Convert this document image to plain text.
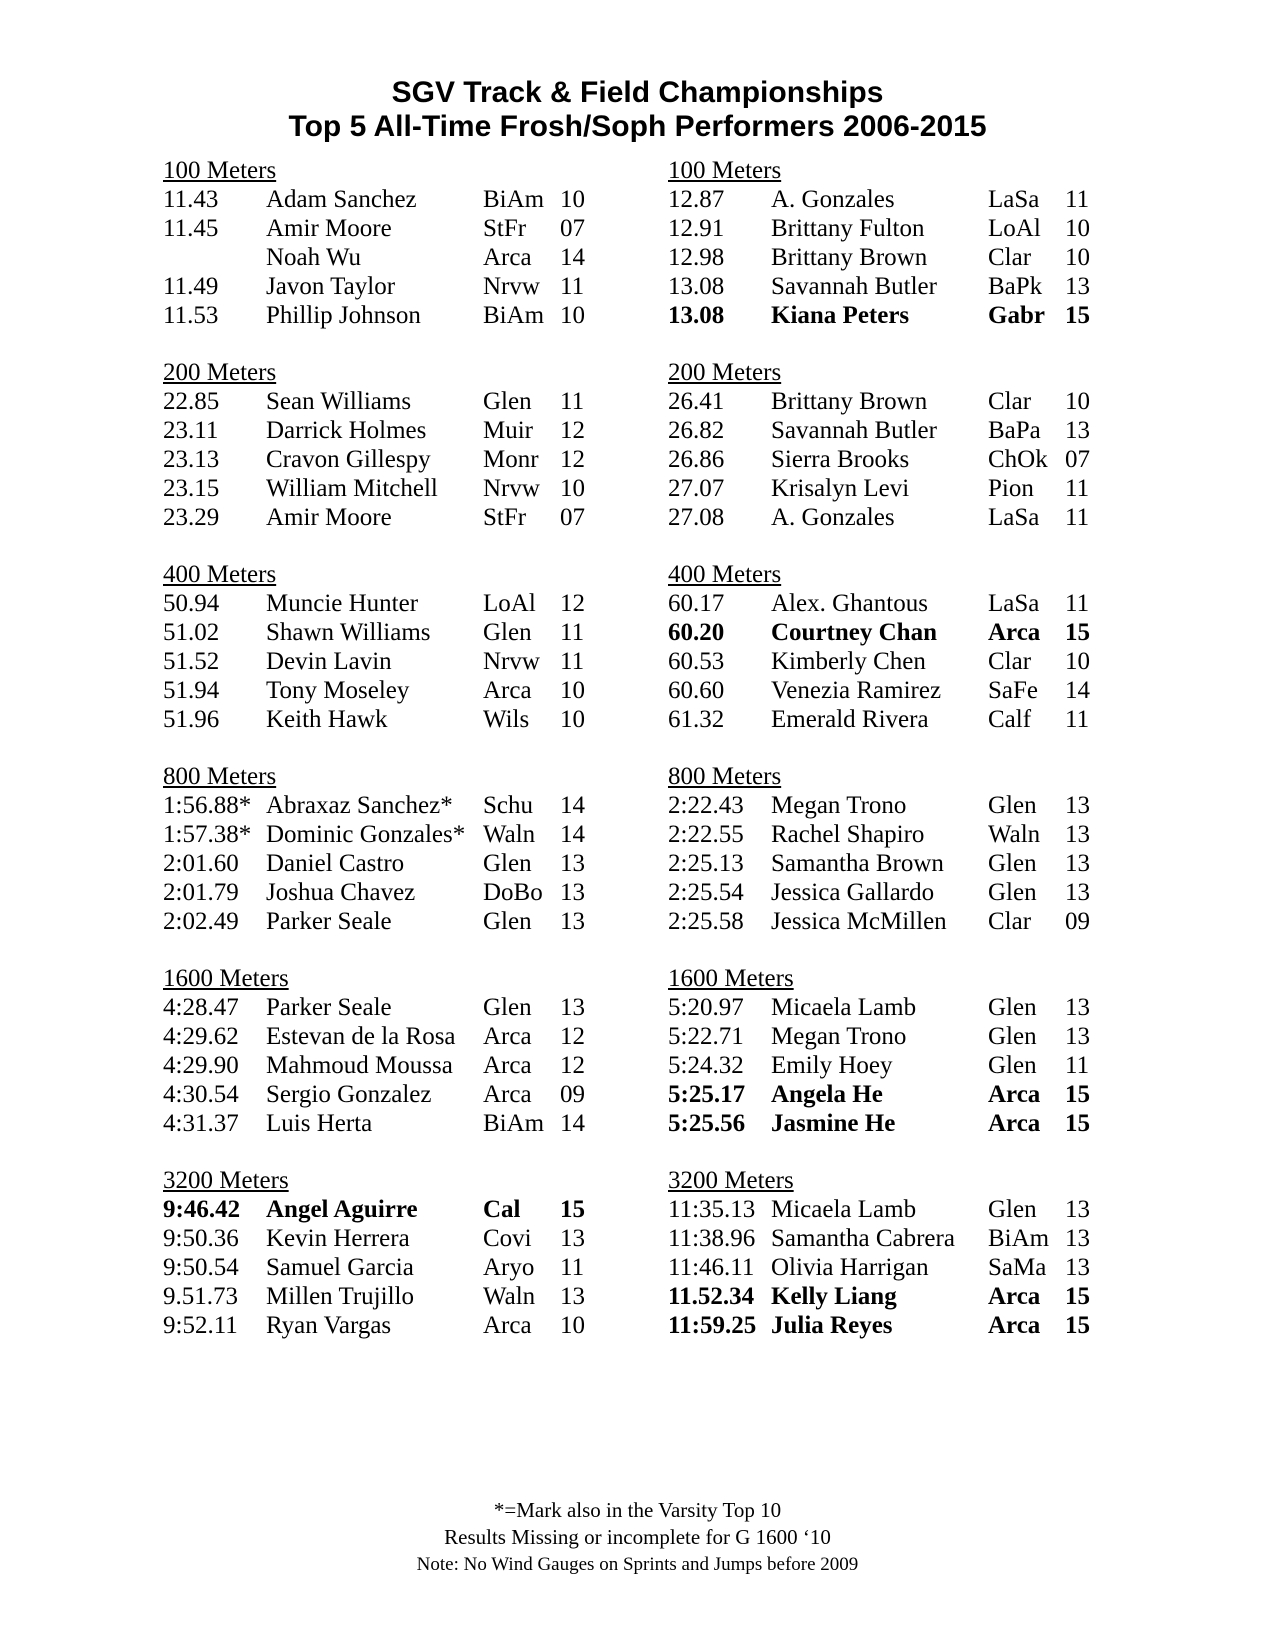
SGV Track & Field Championships
Top 5 All-Time Frosh/Soph Performers 2006-2015
100 Meters
11.43 Adam Sanchez	BiAm 10
11.45 Amir Moore	StFr 07
Noah Wu	Arca 14
11.49 Javon Taylor	Nrvw 11
11.53 Phillip Johnson BiAm 10
200 Meters
22.85 Sean Williams	Glen 11
23.11 Darrick Holmes Muir 12
23.13 Cravon Gillespy Monr 12
23.15 William Mitchell Nrvw 10
23.29 Amir Moore	StFr 07
400 Meters
50.94 Muncie Hunter	LoAl 12
51.02 Shawn Williams Glen 11
51.52 Devin Lavin	Nrvw 11
51.94 Tony Moseley	Arca 10
51.96 Keith Hawk	Wils 10
800 Meters
1:56.88* Abraxaz Sanchez* Schu 14
1:57.38* Dominic Gonzales* Waln 14
2:01.60 Daniel Castro	Glen 13
2:01.79 Joshua Chavez	DoBo 13
2:02.49 Parker Seale	Glen 13
1600 Meters
4:28.47 Parker Seale	Glen 13
4:29.62 Estevan de la Rosa Arca 12
4:29.90 Mahmoud Moussa Arca 12
4:30.54 Sergio Gonzalez Arca 09
4:31.37 Luis Herta	BiAm 14
3200 Meters
9:46.42 Angel Aguirre	Cal 15
9:50.36 Kevin Herrera	Covi 13
9:50.54 Samuel Garcia	Aryo 11
9.51.73 Millen Trujillo	Waln 13
9:52.11 Ryan Vargas	Arca 10
100 Meters
12.87 A. Gonzales	LaSa 11
12.91 Brittany Fulton	LoAl 10
12.98 Brittany Brown Clar 10
13.08 Savannah Butler BaPk 13
13.08 Kiana Peters	Gabr 15
200 Meters
26.41 Brittany Brown Clar 10
26.82 Savannah Butler BaPa 13
26.86 Sierra Brooks	ChOk 07
27.07 Krisalyn Levi	Pion 11
27.08 A. Gonzales	LaSa 11
400 Meters
60.17 Alex. Ghantous LaSa 11
60.20 Courtney Chan Arca 15
60.53 Kimberly Chen Clar 10
60.60 Venezia Ramirez SaFe 14
61.32 Emerald Rivera Calf 11
800 Meters
2:22.43 Megan Trono	Glen 13
2:22.55 Rachel Shapiro	Waln 13
2:25.13 Samantha Brown Glen 13
2:25.54 Jessica Gallardo Glen 13
2:25.58 Jessica McMillen Clar 09
1600 Meters
5:20.97 Micaela Lamb	Glen 13
5:22.71 Megan Trono	Glen 13
5:24.32 Emily Hoey	Glen 11
5:25.17 Angela He	Arca 15
5:25.56 Jasmine He	Arca 15
3200 Meters
11:35.13 Micaela Lamb	Glen 13
11:38.96 Samantha Cabrera BiAm 13
11:46.11 Olivia Harrigan SaMa 13
11.52.34 Kelly Liang	Arca 15
11:59.25 Julia Reyes	Arca 15
*=Mark also in the Varsity Top 10
Results Missing or incomplete for G 1600 ‘10
Note: No Wind Gauges on Sprints and Jumps before 2009
